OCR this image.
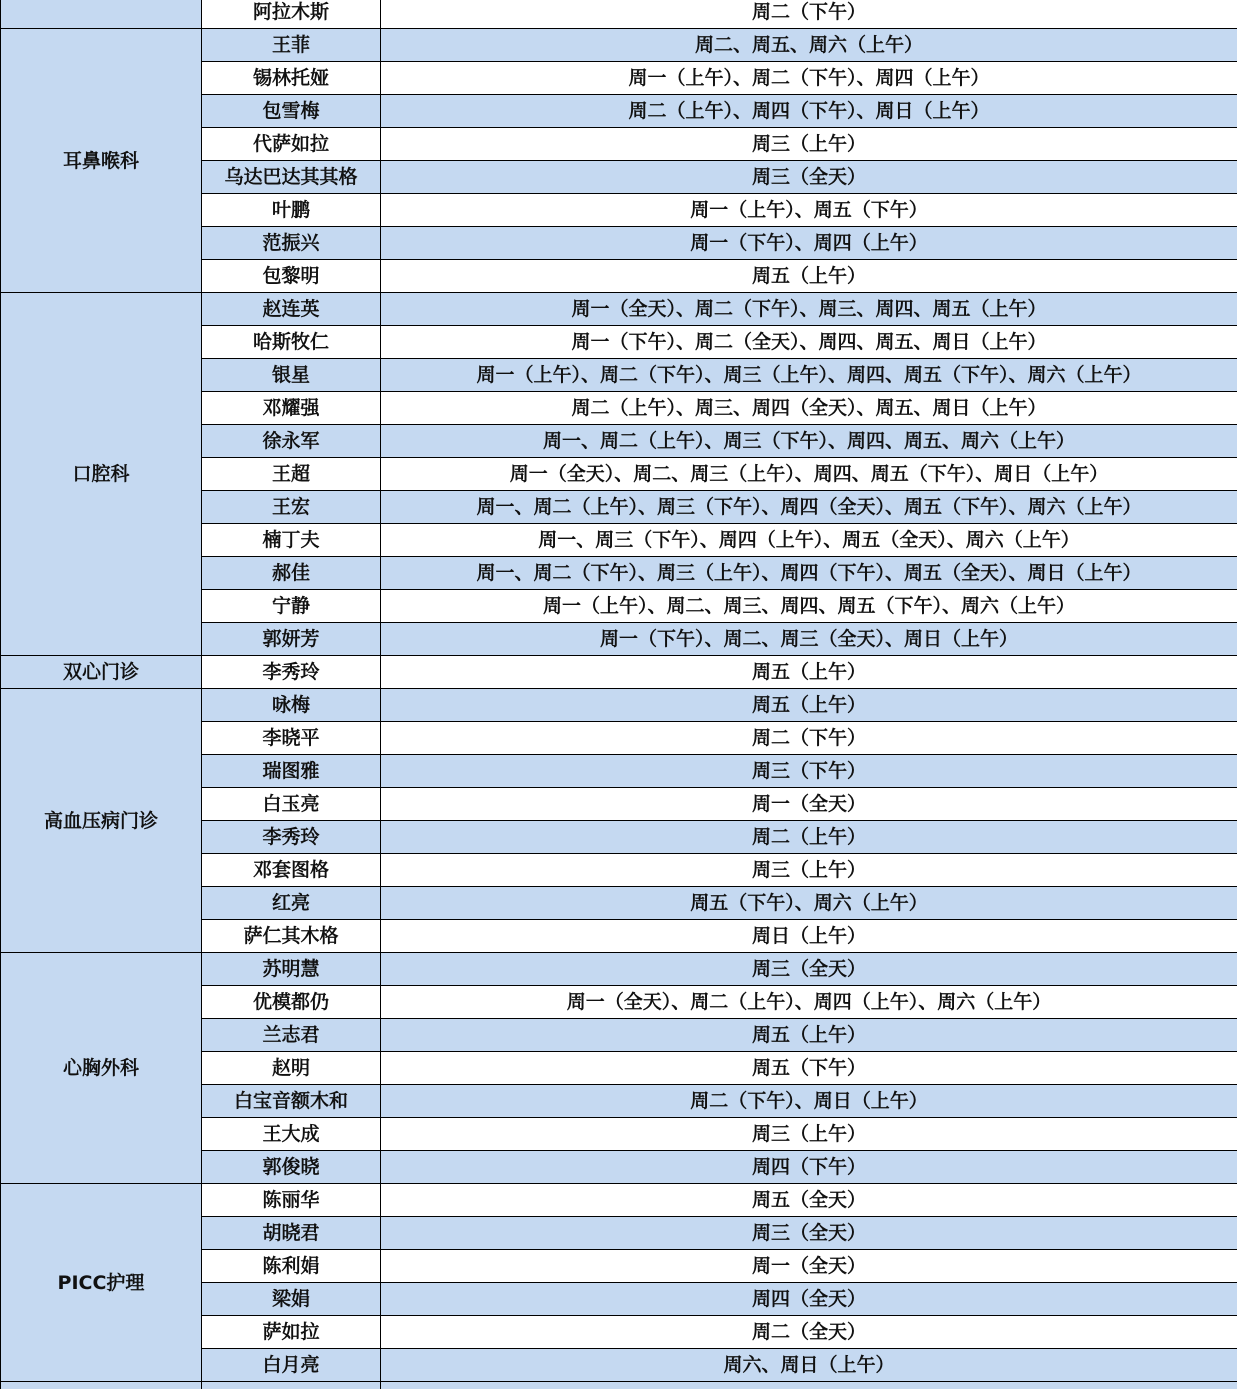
	阿拉木斯	周二（下午）
耳鼻喉科	王菲	周二、周五、周六（上午）
	锡林托娅	周一（上午）、周二（下午）、周四（上午）
	包雪梅	周二（上午）、周四（下午）、周日（上午）
	代萨如拉	周三（上午）
	乌达巴达其其格	周三（全天）
	叶鹏	周一（上午）、周五（下午）
	范振兴	周一（下午）、周四（上午）
	包黎明	周五（上午）
口腔科	赵连英	周一（全天）、周二（下午）、周三、周四、周五（上午）
	哈斯牧仁	周一（下午）、周二（全天）、周四、周五、周日（上午）
	银星	周一（上午）、周二（下午）、周三（上午）、周四、周五（下午）、周六（上午）
	邓耀强	周二（上午）、周三、周四（全天）、周五、周日（上午）
	徐永军	周一、周二（上午）、周三（下午）、周四、周五、周六（上午）
	王超	周一（全天）、周二、周三（上午）、周四、周五（下午）、周日（上午）
	王宏	周一、周二（上午）、周三（下午）、周四（全天）、周五（下午）、周六（上午）
	楠丁夫	周一、周三（下午）、周四（上午）、周五（全天）、周六（上午）
	郝佳	周一、周二（下午）、周三（上午）、周四（下午）、周五（全天）、周日（上午）
	宁静	周一（上午）、周二、周三、周四、周五（下午）、周六（上午）
	郭妍芳	周一（下午）、周二、周三（全天）、周日（上午）
双心门诊	李秀玲	周五（上午）
高血压病门诊	咏梅	周五（上午）
	李晓平	周二（下午）
	瑞图雅	周三（下午）
	白玉亮	周一（全天）
	李秀玲	周二（上午）
	邓套图格	周三（上午）
	红亮	周五（下午）、周六（上午）
	萨仁其木格	周日（上午）
心胸外科	苏明慧	周三（全天）
	优模都仍	周一（全天）、周二（上午）、周四（上午）、周六（上午）
	兰志君	周五（上午）
	赵明	周五（下午）
	白宝音额木和	周二（下午）、周日（上午）
	王大成	周三（上午）
	郭俊晓	周四（下午）
PICC护理	陈丽华	周五（全天）
	胡晓君	周三（全天）
	陈利娟	周一（全天）
	梁娟	周四（全天）
	萨如拉	周二（全天）
	白月亮	周六、周日（上午）
